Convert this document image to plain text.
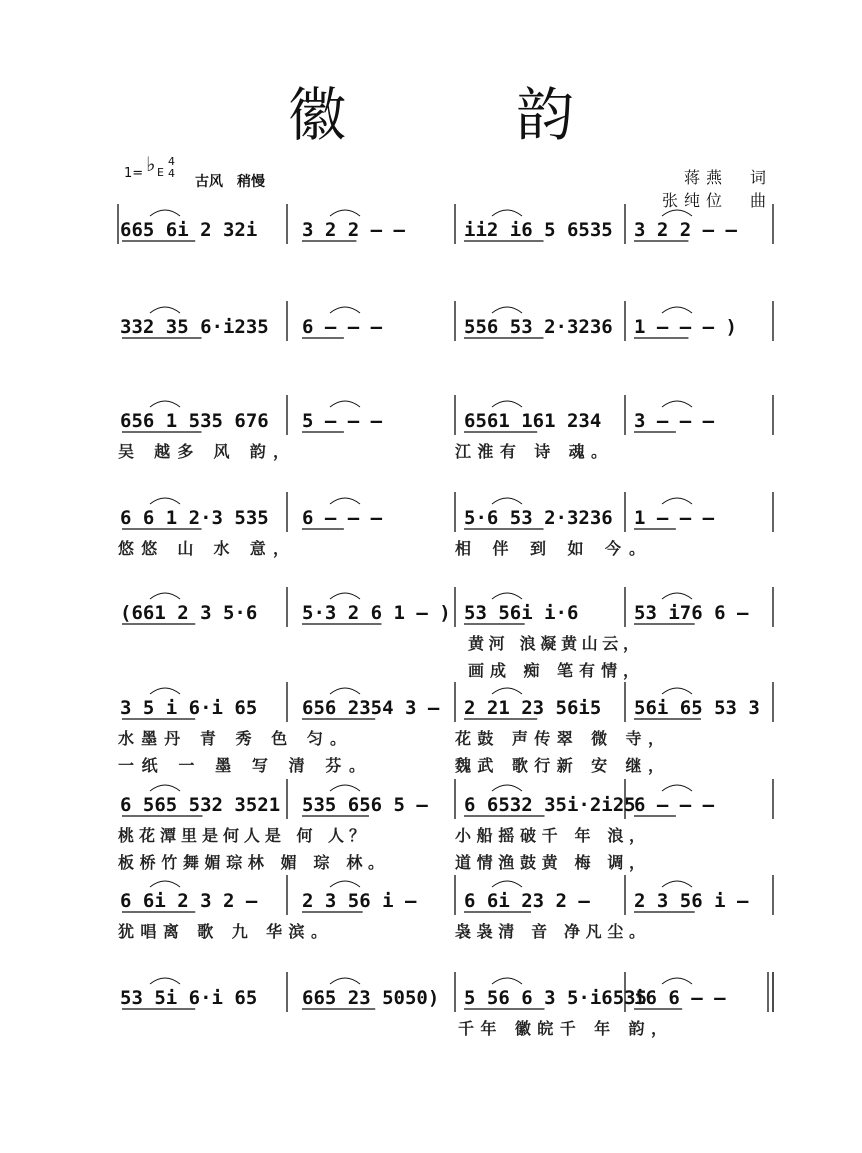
徽　韵
1= ♭ E
4
4
古风　稍慢	蒋燕　词
张纯位　曲
665 6i 2 32i 3 2 2 – –	ii2 i6 5 6535 3 2 2 – –
332 35 6·i235 6 – – –	556 53 2·3236 1 – – – )
656 1 535 676 5 – – –	6561 161 234 3 – – –
吴 越多 风 韵，	江淮有 诗 魂。
6 6 1 2·3 535 6 – – –	5·6 53 2·3236 1 – – –
悠悠 山 水 意，	相 伴 到 如 今。
(661 2 3 5·6 5·3 2 6 1 – ) 53 56i i·6	53 i76 6 –
黄河 浪凝黄山云，
画成 痴 笔有情，
3 5 i 6·i 65 656 2354 3 – 2 21 23 56i5 56i 65 53 3
水墨丹 青 秀 色 匀。	花鼓 声传翠 微 寺，
一纸 一 墨 写 清 芬。	魏武 歌行新 安 继，
6 565 532 3521 535 656 5 – 6 6532 35i·2i25
6 – – –
桃花潭里是何人是 何 人？	小船摇破千 年 浪，
板桥竹舞媚琮林 媚 琮 林。	道情渔鼓黄 梅 调，
6 6i 2 3 2 – 2 3 56 i –	6 6i 23 2 – 2 3 56 i –
犹唱离 歌 九 华滨。	袅袅清 音 净凡尘。
53 5i 6·i 65 665 23 5050) 5 56 6 3 5·i6535
i6 6 – –
千年 徽皖千 年 韵，
